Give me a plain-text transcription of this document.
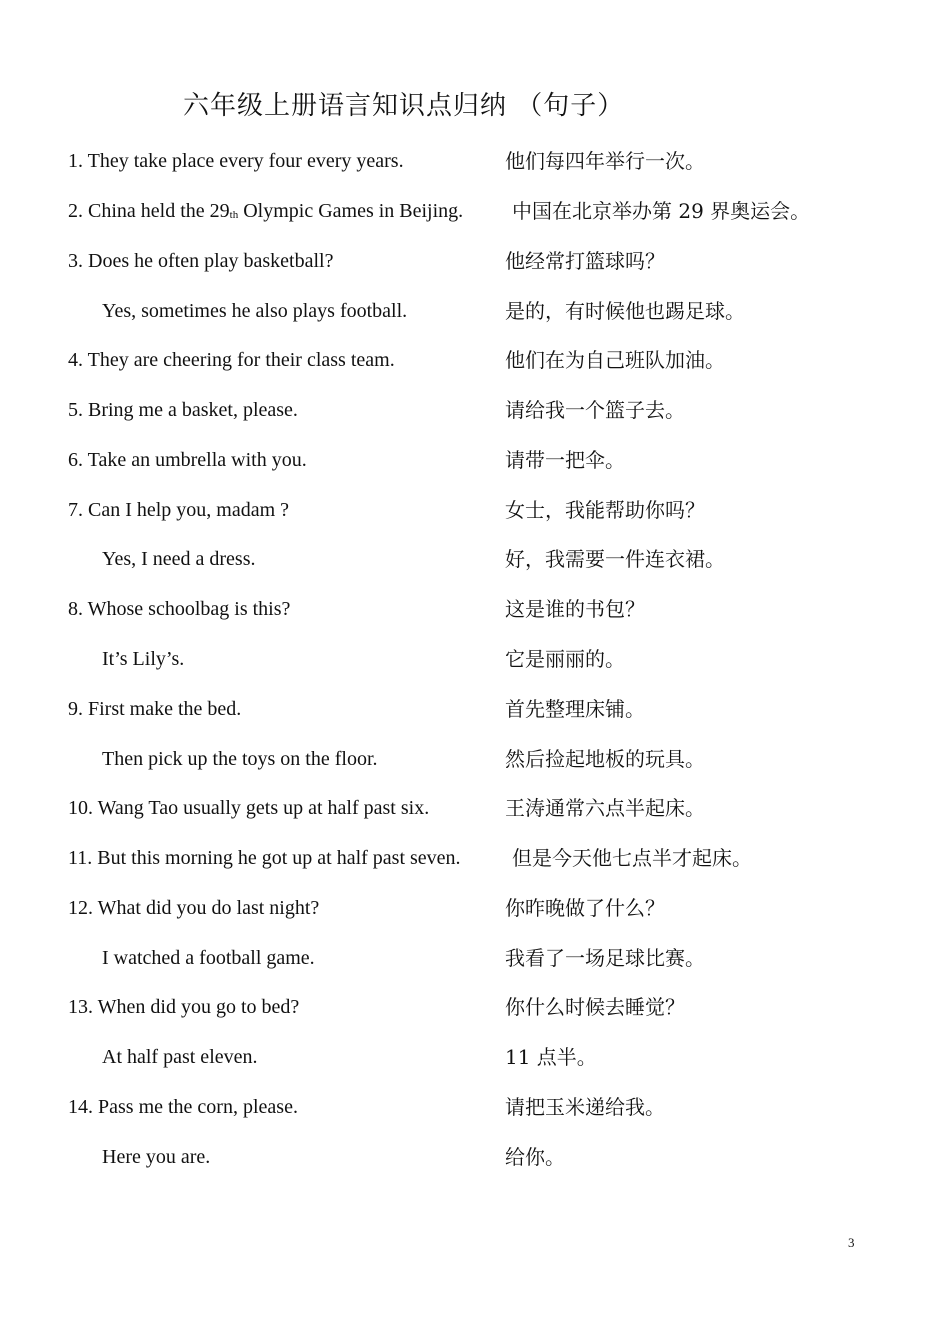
六年级上册语言知识点归纳 （句子）
1. They take place every four every years.	他们每四年举行一次。
2. China held the 29th Olympic Games in Beijing.	中国在北京举办第 29 界奥运会。
3. Does he often play basketball?	他经常打篮球吗？
Yes, sometimes he also plays football.	是的，有时候他也踢足球。
4. They are cheering for their class team.	他们在为自己班队加油。
5. Bring me a basket, please.	请给我一个篮子去。
6. Take an umbrella with you.	请带一把伞。
7. Can I help you, madam ?	女士，我能帮助你吗？
Yes, I need a dress.	好，我需要一件连衣裙。
8. Whose schoolbag is this?	这是谁的书包？
It’s Lily’s.	它是丽丽的。
9. First make the bed.	首先整理床铺。
Then pick up the toys on the floor.	然后捡起地板的玩具。
10. Wang Tao usually gets up at half past six.	王涛通常六点半起床。
11. But this morning he got up at half past seven.	但是今天他七点半才起床。
12. What did you do last night?	你昨晚做了什么？
I watched a football game.	我看了一场足球比赛。
13. When did you go to bed?	你什么时候去睡觉？
At half past eleven.	11 点半。
14. Pass me the corn, please.	请把玉米递给我。
Here you are.	给你。
3
